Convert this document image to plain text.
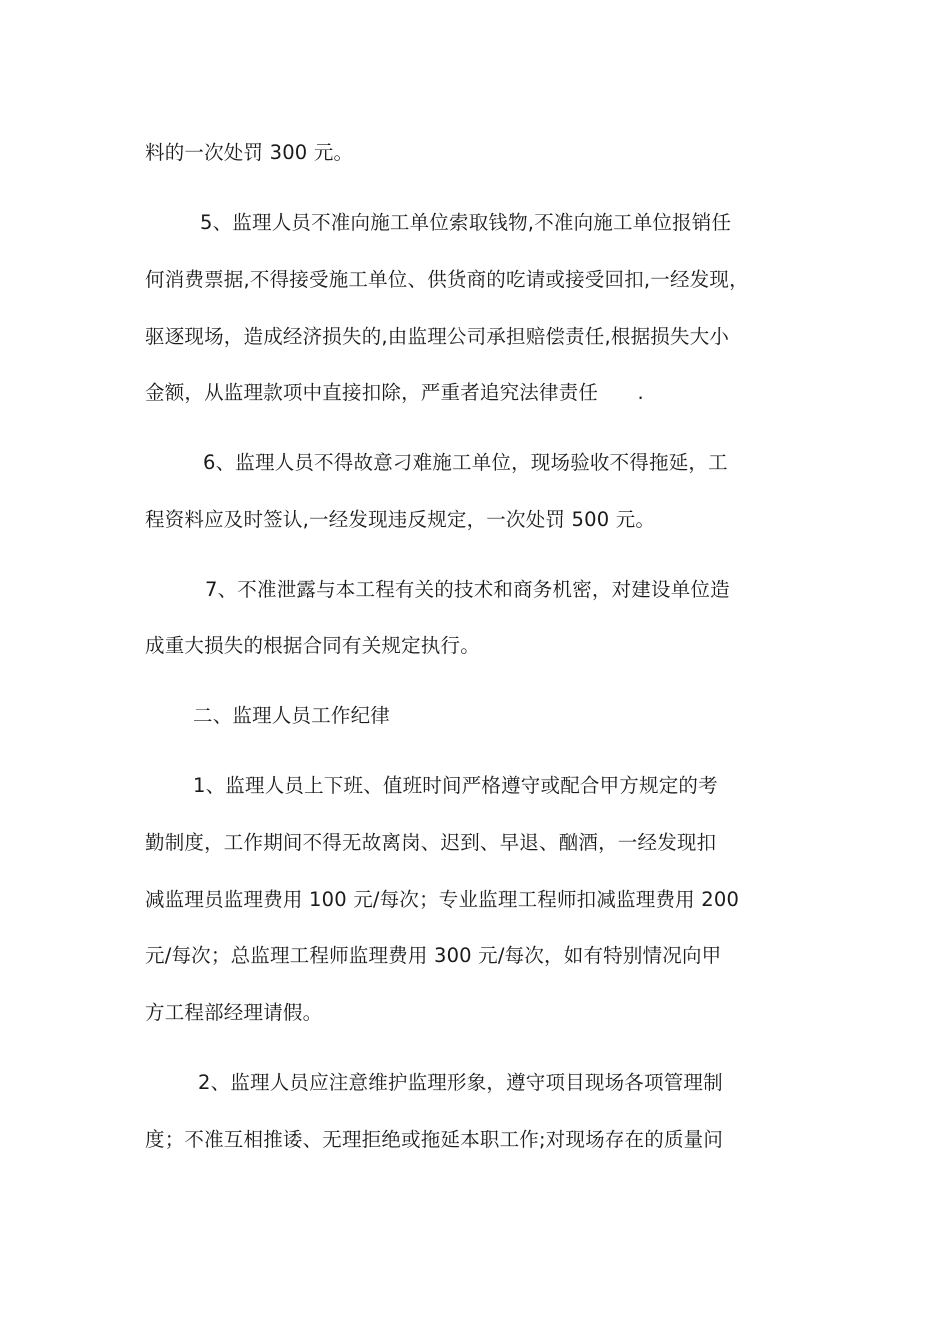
料的一次处罚 300 元。
5、监理人员不准向施工单位索取钱物,不准向施工单位报销任
何消费票据,不得接受施工单位、供货商的吃请或接受回扣,一经发现，
驱逐现场，造成经济损失的,由监理公司承担赔偿责任,根据损失大小
金额，从监理款项中直接扣除，严重者追究法律责任　　.
6、监理人员不得故意刁难施工单位，现场验收不得拖延，工
程资料应及时签认,一经发现违反规定，一次处罚 500 元。
7、不准泄露与本工程有关的技术和商务机密，对建设单位造
成重大损失的根据合同有关规定执行。
二、监理人员工作纪律
1、监理人员上下班、值班时间严格遵守或配合甲方规定的考
勤制度，工作期间不得无故离岗、迟到、早退、酗酒，一经发现扣
减监理员监理费用 100 元/每次；专业监理工程师扣减监理费用 200
元/每次；总监理工程师监理费用 300 元/每次，如有特别情况向甲
方工程部经理请假。
2、监理人员应注意维护监理形象，遵守项目现场各项管理制
度；不准互相推诿、无理拒绝或拖延本职工作;对现场存在的质量问
